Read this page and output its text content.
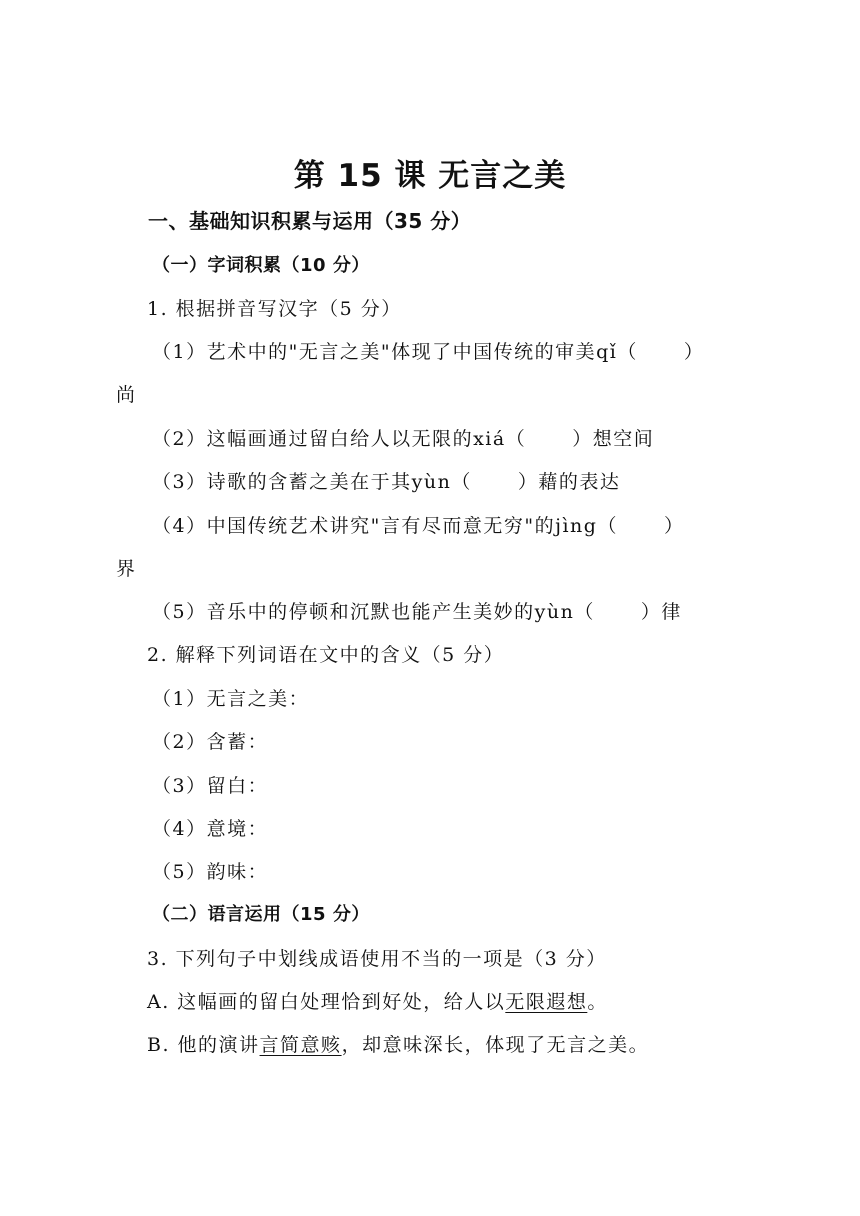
第 15 课 无言之美
一、基础知识积累与运用（35 分）
（一）字词积累（10 分）
1. 根据拼音写汉字（5 分）
（1）艺术中的"无言之美"体现了中国传统的审美qǐ（ ）
尚
（2）这幅画通过留白给人以无限的xiá（ ）想空间
（3）诗歌的含蓄之美在于其yùn（ ）藉的表达
（4）中国传统艺术讲究"言有尽而意无穷"的jìng（ ）
界
（5）音乐中的停顿和沉默也能产生美妙的yùn（ ）律
2. 解释下列词语在文中的含义（5 分）
（1）无言之美：
（2）含蓄：
（3）留白：
（4）意境：
（5）韵味：
（二）语言运用（15 分）
3. 下列句子中划线成语使用不当的一项是（3 分）
A. 这幅画的留白处理恰到好处，给人以无限遐想。
B. 他的演讲言简意赅，却意味深长，体现了无言之美。
